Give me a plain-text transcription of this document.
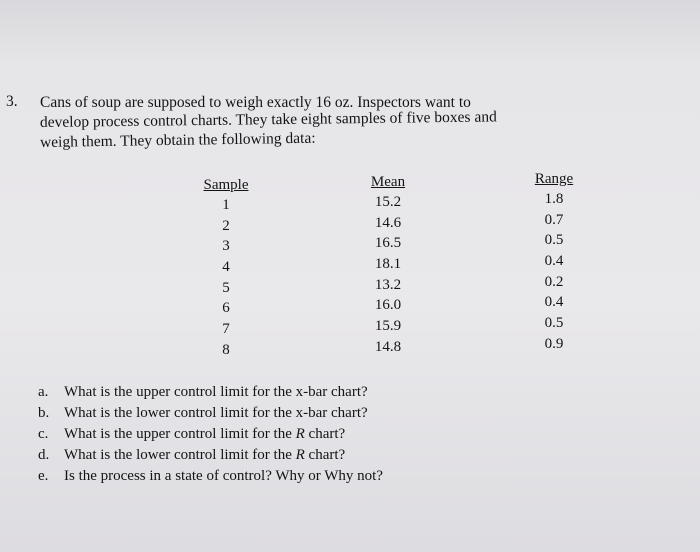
3. Cans of soup are supposed to weigh exactly 16 oz. Inspectors want to
develop process control charts. They take eight samples of five boxes and
weigh them. They obtain the following data:
Sample
1
2
3
4
5
6
7
8
Mean
15.2
14.6
16.5
18.1
13.2
16.0
15.9
14.8
Range
1.8
0.7
0.5
0.4
0.2
0.4
0.5
0.9
a. What is the upper control limit for the x-bar chart?
b. What is the lower control limit for the x-bar chart?
c. What is the upper control limit for the R chart?
d. What is the lower control limit for the R chart?
e. Is the process in a state of control? Why or Why not?
